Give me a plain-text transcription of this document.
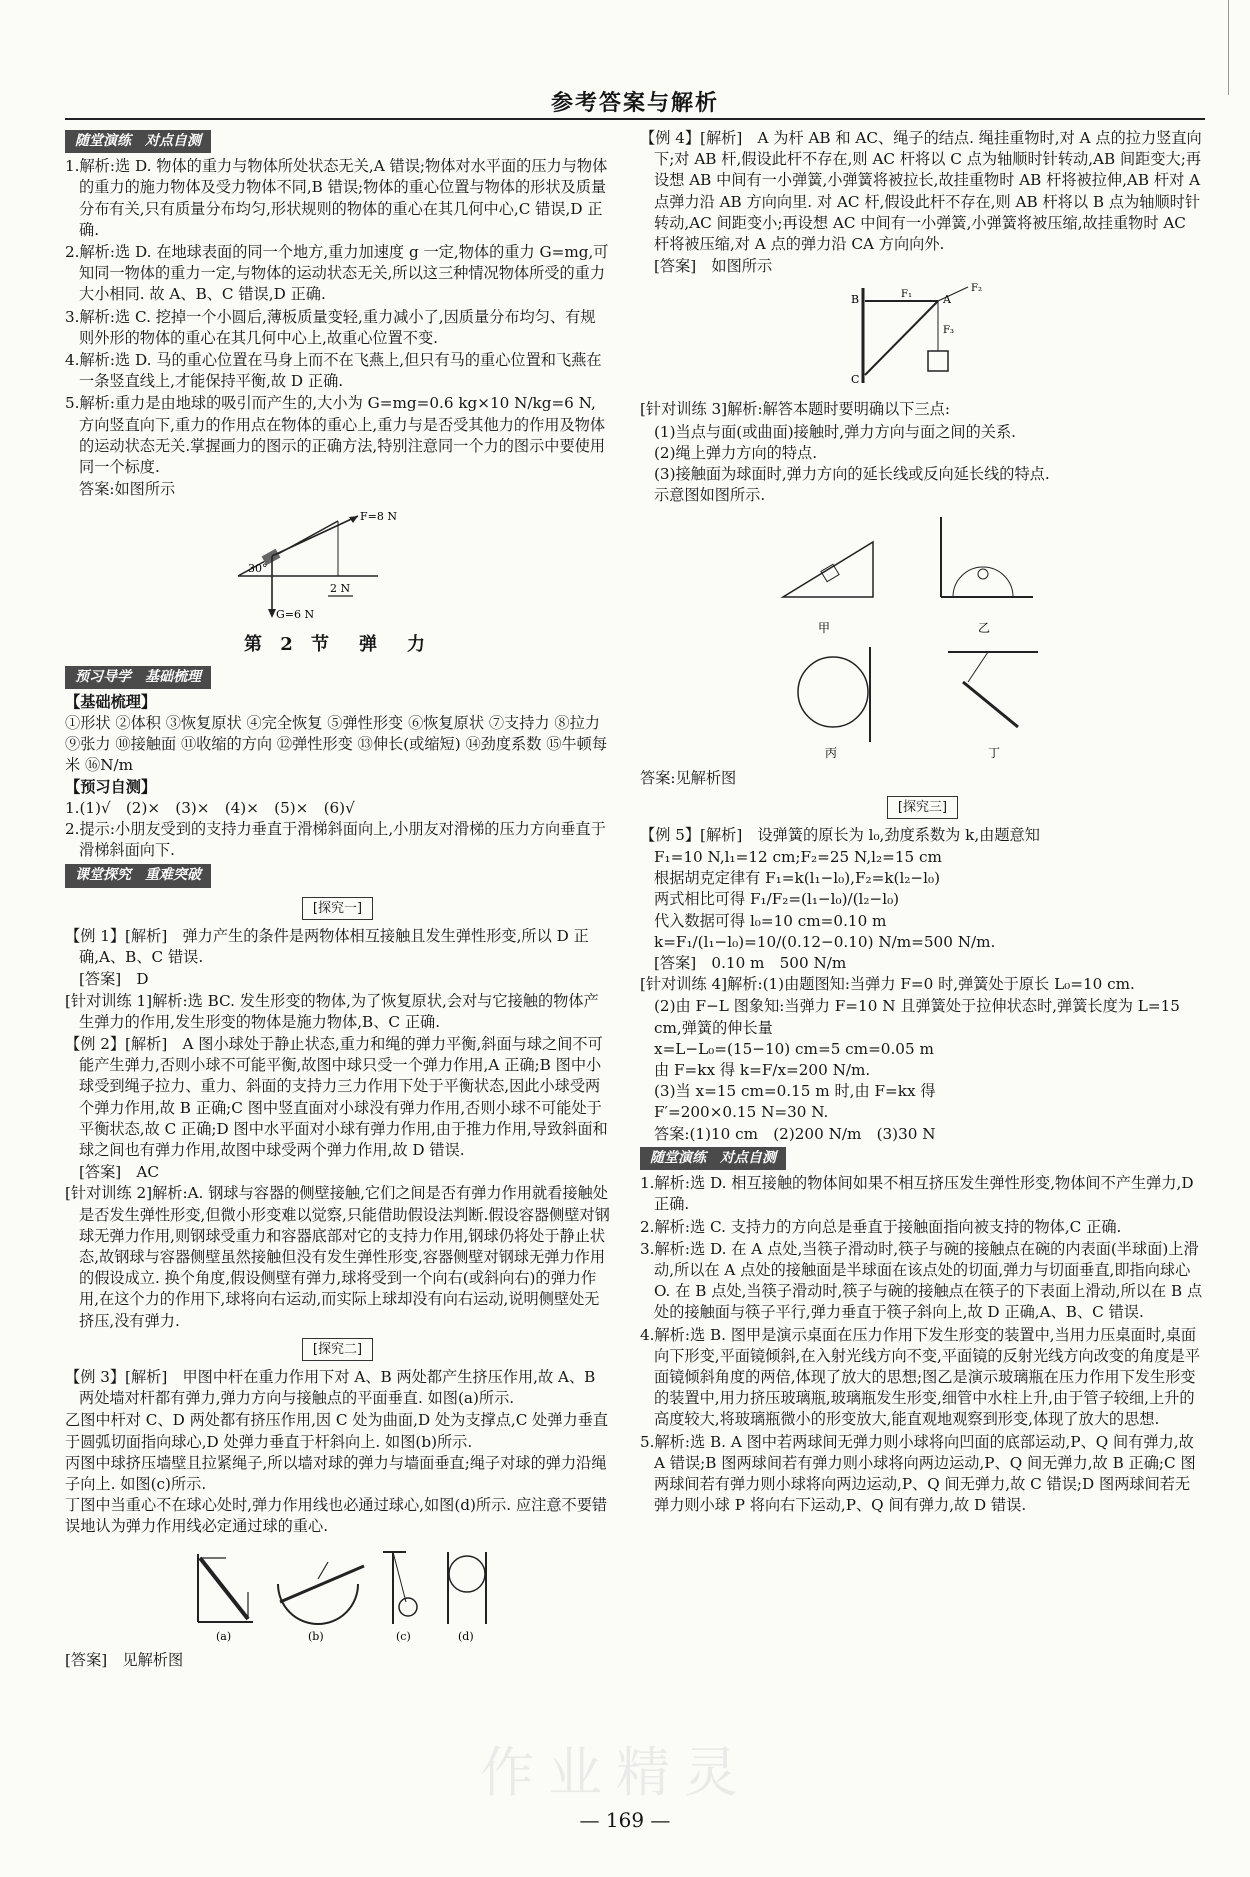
参考答案与解析
随堂演练　对点自测

1.解析:选 D. 物体的重力与物体所处状态无关,A 错误;物体对水平面的压力与物体的重力的施力物体及受力物体不同,B 错误;物体的重心位置与物体的形状及质量分布有关,只有质量分布均匀,形状规则的物体的重心在其几何中心,C 错误,D 正确.

2.解析:选 D. 在地球表面的同一个地方,重力加速度 g 一定,物体的重力 G=mg,可知同一物体的重力一定,与物体的运动状态无关,所以这三种情况物体所受的重力大小相同. 故 A、B、C 错误,D 正确.

3.解析:选 C. 挖掉一个小圆后,薄板质量变轻,重力减小了,因质量分布均匀、有规则外形的物体的重心在其几何中心上,故重心位置不变.

4.解析:选 D. 马的重心位置在马身上而不在飞燕上,但只有马的重心位置和飞燕在一条竖直线上,才能保持平衡,故 D 正确.

5.解析:重力是由地球的吸引而产生的,大小为 G=mg=0.6 kg×10 N/kg=6 N,方向竖直向下,重力的作用点在物体的重心上,重力与是否受其他力的作用及物体的运动状态无关.掌握画力的图示的正确方法,特别注意同一个力的图示中要使用同一个标度.

答案:如图所示

F=8 N
30°
2 N
G=6 N
第 2 节　弹　力
预习导学　基础梳理

【基础梳理】

①形状 ②体积 ③恢复原状 ④完全恢复 ⑤弹性形变 ⑥恢复原状 ⑦支持力 ⑧拉力 ⑨张力 ⑩接触面 ⑪收缩的方向 ⑫弹性形变 ⑬伸长(或缩短) ⑭劲度系数 ⑮牛顿每米 ⑯N/m

【预习自测】

1.(1)√　(2)×　(3)×　(4)×　(5)×　(6)√

2.提示:小朋友受到的支持力垂直于滑梯斜面向上,小朋友对滑梯的压力方向垂直于滑梯斜面向下.

课堂探究　重难突破
[探究一]

【例 1】[解析]　弹力产生的条件是两物体相互接触且发生弹性形变,所以 D 正确,A、B、C 错误.

[答案]　D

[针对训练 1]解析:选 BC. 发生形变的物体,为了恢复原状,会对与它接触的物体产生弹力的作用,发生形变的物体是施力物体,B、C 正确.

【例 2】[解析]　A 图小球处于静止状态,重力和绳的弹力平衡,斜面与球之间不可能产生弹力,否则小球不可能平衡,故图中球只受一个弹力作用,A 正确;B 图中小球受到绳子拉力、重力、斜面的支持力三力作用下处于平衡状态,因此小球受两个弹力作用,故 B 正确;C 图中竖直面对小球没有弹力作用,否则小球不可能处于平衡状态,故 C 正确;D 图中水平面对小球有弹力作用,由于推力作用,导致斜面和球之间也有弹力作用,故图中球受两个弹力作用,故 D 错误.

[答案]　AC

[针对训练 2]解析:A. 钢球与容器的侧壁接触,它们之间是否有弹力作用就看接触处是否发生弹性形变,但微小形变难以觉察,只能借助假设法判断.假设容器侧壁对钢球无弹力作用,则钢球受重力和容器底部对它的支持力作用,钢球仍将处于静止状态,故钢球与容器侧壁虽然接触但没有发生弹性形变,容器侧壁对钢球无弹力作用的假设成立. 换个角度,假设侧壁有弹力,球将受到一个向右(或斜向右)的弹力作用,在这个力的作用下,球将向右运动,而实际上球却没有向右运动,说明侧壁处无挤压,没有弹力.

[探究二]

【例 3】[解析]　甲图中杆在重力作用下对 A、B 两处都产生挤压作用,故 A、B 两处墙对杆都有弹力,弹力方向与接触点的平面垂直. 如图(a)所示.

乙图中杆对 C、D 两处都有挤压作用,因 C 处为曲面,D 处为支撑点,C 处弹力垂直于圆弧切面指向球心,D 处弹力垂直于杆斜向上. 如图(b)所示.

丙图中球挤压墙壁且拉紧绳子,所以墙对球的弹力与墙面垂直;绳子对球的弹力沿绳子向上. 如图(c)所示.

丁图中当重心不在球心处时,弹力作用线也必通过球心,如图(d)所示. 应注意不要错误地认为弹力作用线必定通过球的重心.

(a)	(b)	(c)	(d)

[答案]　见解析图

【例 4】[解析]　A 为杆 AB 和 AC、绳子的结点. 绳挂重物时,对 A 点的拉力竖直向下;对 AB 杆,假设此杆不存在,则 AC 杆将以 C 点为轴顺时针转动,AB 间距变大;再设想 AB 中间有一小弹簧,小弹簧将被拉长,故挂重物时 AB 杆将被拉伸,AB 杆对 A 点弹力沿 AB 方向向里. 对 AC 杆,假设此杆不存在,则 AB 杆将以 B 点为轴顺时针转动,AC 间距变小;再设想 AC 中间有一小弹簧,小弹簧将被压缩,故挂重物时 AC 杆将被压缩,对 A 点的弹力沿 CA 方向向外.

[答案]　如图所示

B
C
A
F₁
F₂
F₃

[针对训练 3]解析:解答本题时要明确以下三点:

(1)当点与面(或曲面)接触时,弹力方向与面之间的关系.

(2)绳上弹力方向的特点.

(3)接触面为球面时,弹力方向的延长线或反向延长线的特点.

示意图如图所示.

甲	乙
丙	丁

答案:见解析图

[探究三]

【例 5】[解析]　设弹簧的原长为 l₀,劲度系数为 k,由题意知

F₁=10 N,l₁=12 cm;F₂=25 N,l₂=15 cm

根据胡克定律有 F₁=k(l₁−l₀),F₂=k(l₂−l₀)

两式相比可得 F₁/F₂=(l₁−l₀)/(l₂−l₀)

代入数据可得 l₀=10 cm=0.10 m

k=F₁/(l₁−l₀)=10/(0.12−0.10) N/m=500 N/m.

[答案]　0.10 m　500 N/m

[针对训练 4]解析:(1)由题图知:当弹力 F=0 时,弹簧处于原长 L₀=10 cm.

(2)由 F−L 图象知:当弹力 F=10 N 且弹簧处于拉伸状态时,弹簧长度为 L=15 cm,弹簧的伸长量

x=L−L₀=(15−10) cm=5 cm=0.05 m

由 F=kx 得 k=F/x=200 N/m.

(3)当 x=15 cm=0.15 m 时,由 F=kx 得

F′=200×0.15 N=30 N.

答案:(1)10 cm　(2)200 N/m　(3)30 N

随堂演练　对点自测

1.解析:选 D. 相互接触的物体间如果不相互挤压发生弹性形变,物体间不产生弹力,D 正确.

2.解析:选 C. 支持力的方向总是垂直于接触面指向被支持的物体,C 正确.

3.解析:选 D. 在 A 点处,当筷子滑动时,筷子与碗的接触点在碗的内表面(半球面)上滑动,所以在 A 点处的接触面是半球面在该点处的切面,弹力与切面垂直,即指向球心 O. 在 B 点处,当筷子滑动时,筷子与碗的接触点在筷子的下表面上滑动,所以在 B 点处的接触面与筷子平行,弹力垂直于筷子斜向上,故 D 正确,A、B、C 错误.

4.解析:选 B. 图甲是演示桌面在压力作用下发生形变的装置中,当用力压桌面时,桌面向下形变,平面镜倾斜,在入射光线方向不变,平面镜的反射光线方向改变的角度是平面镜倾斜角度的两倍,体现了放大的思想;图乙是演示玻璃瓶在压力作用下发生形变的装置中,用力挤压玻璃瓶,玻璃瓶发生形变,细管中水柱上升,由于管子较细,上升的高度较大,将玻璃瓶微小的形变放大,能直观地观察到形变,体现了放大的思想.

5.解析:选 B. A 图中若两球间无弹力则小球将向凹面的底部运动,P、Q 间有弹力,故 A 错误;B 图两球间若有弹力则小球将向两边运动,P、Q 间无弹力,故 B 正确;C 图两球间若有弹力则小球将向两边运动,P、Q 间无弹力,故 C 错误;D 图两球间若无弹力则小球 P 将向右下运动,P、Q 间有弹力,故 D 错误.

作业精灵
— 169 —
